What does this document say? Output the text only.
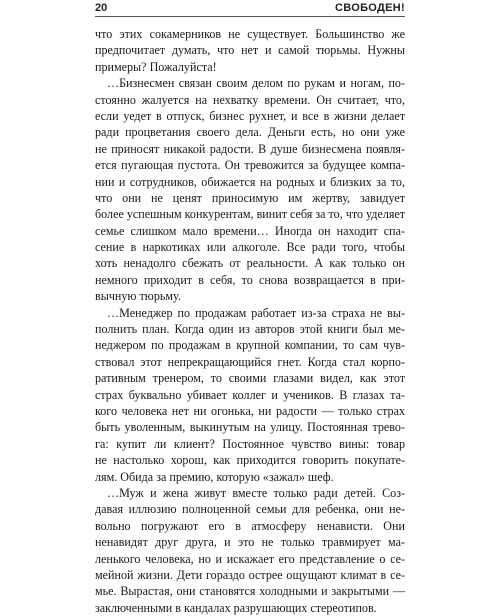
20	СВОБОДЕН!
что этих сокамерников не существует. Большинство же
предпочитает думать, что нет и самой тюрьмы. Нужны
примеры? Пожалуйста!
…Бизнесмен связан своим делом по рукам и ногам, по-
стоянно жалуется на нехватку времени. Он считает, что,
если уедет в отпуск, бизнес рухнет, и все в жизни делает
ради процветания своего дела. Деньги есть, но они уже
не приносят никакой радости. В душе бизнесмена появля-
ется пугающая пустота. Он тревожится за будущее компа-
нии и сотрудников, обижается на родных и близких за то,
что они не ценят приносимую им жертву, завидует
более успешным конкурентам, винит себя за то, что уделяет
семье слишком мало времени… Иногда он находит спа-
сение в наркотиках или алкоголе. Все ради того, чтобы
хоть ненадолго сбежать от реальности. А как только он
немного приходит в себя, то снова возвращается в при-
вычную тюрьму.
…Менеджер по продажам работает из-за страха не вы-
полнить план. Когда один из авторов этой книги был ме-
неджером по продажам в крупной компании, то сам чув-
ствовал этот непрекращающийся гнет. Когда стал корпо-
ративным тренером, то своими глазами видел, как этот
страх буквально убивает коллег и учеников. В глазах та-
кого человека нет ни огонька, ни радости — только страх
быть уволенным, выкинутым на улицу. Постоянная трево-
га: купит ли клиент? Постоянное чувство вины: товар
не настолько хорош, как приходится говорить покупате-
лям. Обида за премию, которую «зажал» шеф.
…Муж и жена живут вместе только ради детей. Соз-
давая иллюзию полноценной семьи для ребенка, они не-
вольно погружают его в атмосферу ненависти. Они
ненавидят друг друга, и это не только травмирует ма-
ленького человека, но и искажает его представление о се-
мейной жизни. Дети гораздо острее ощущают климат в се-
мье. Вырастая, они становятся холодными и закрытыми —
заключенными в кандалах разрушающих стереотипов.
